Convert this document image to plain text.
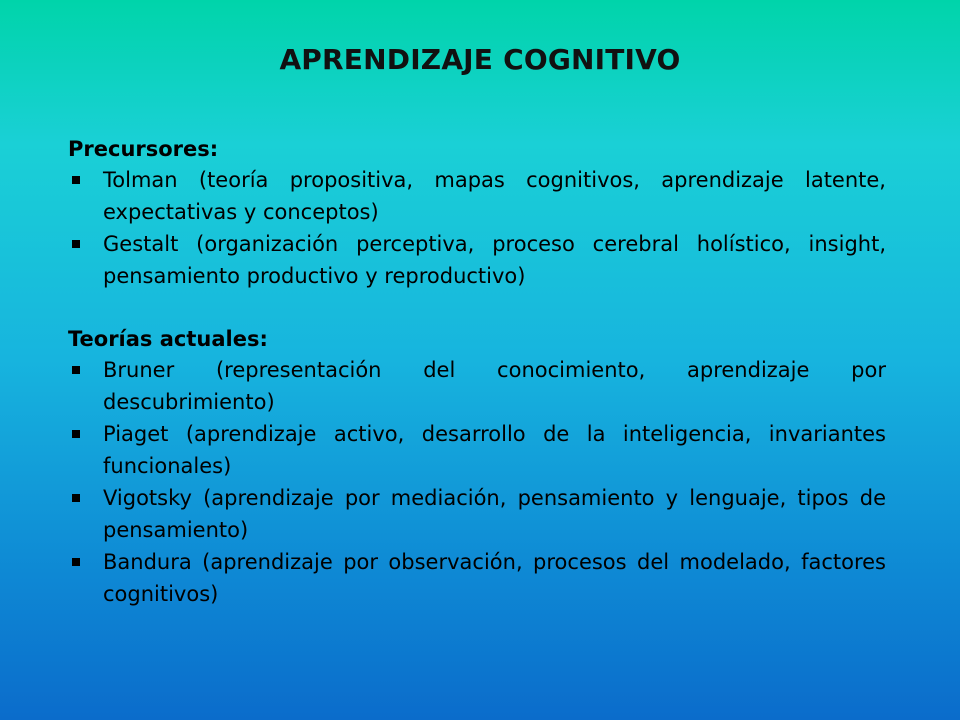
APRENDIZAJE COGNITIVO

Precursores:

Tolman (teoría propositiva, mapas cognitivos, aprendizaje latente, expectativas y conceptos)
Gestalt (organización perceptiva, proceso cerebral holístico, insight, pensamiento productivo y reproductivo)

Teorías actuales:

Bruner (representación del conocimiento, aprendizaje por descubrimiento)
Piaget (aprendizaje activo, desarrollo de la inteligencia, invariantes funcionales)
Vigotsky (aprendizaje por mediación, pensamiento y lenguaje, tipos de pensamiento)
Bandura (aprendizaje por observación, procesos del modelado, factores cognitivos)
